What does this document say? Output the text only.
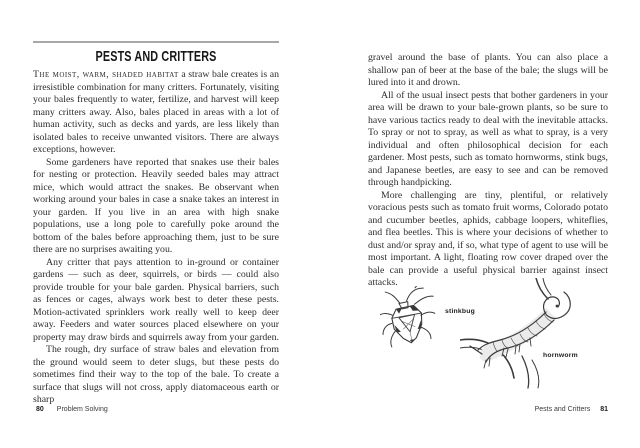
PESTS AND CRITTERS

The moist, warm, shaded habitat a straw bale creates is an irresistible combination for many critters. Fortunately, visiting your bales frequently to water, fertilize, and harvest will keep many critters away. Also, bales placed in areas with a lot of human activity, such as decks and yards, are less likely than isolated bales to receive unwanted visitors. There are always exceptions, however.

Some gardeners have reported that snakes use their bales for nesting or protection. Heavily seeded bales may attract mice, which would attract the snakes. Be observant when working around your bales in case a snake takes an interest in your garden. If you live in an area with high snake populations, use a long pole to carefully poke around the bottom of the bales before approaching them, just to be sure there are no surprises awaiting you.

Any critter that pays attention to in-ground or container gardens — such as deer, squirrels, or birds — could also provide trouble for your bale garden. Physical barriers, such as fences or cages, always work best to deter these pests. Motion-activated sprinklers work really well to keep deer away. Feeders and water sources placed elsewhere on your property may draw birds and squirrels away from your garden.

The rough, dry surface of straw bales and elevation from the ground would seem to deter slugs, but these pests do sometimes find their way to the top of the bale. To create a surface that slugs will not cross, apply diatomaceous earth or sharp

80 Problem Solving

gravel around the base of plants. You can also place a shallow pan of beer at the base of the bale; the slugs will be lured into it and drown.

All of the usual insect pests that bother gardeners in your area will be drawn to your bale-grown plants, so be sure to have various tactics ready to deal with the inevitable attacks. To spray or not to spray, as well as what to spray, is a very individual and often philosophical decision for each gardener. Most pests, such as tomato hornworms, stink bugs, and Japanese beetles, are easy to see and can be removed through handpicking.

More challenging are tiny, plentiful, or relatively voracious pests such as tomato fruit worms, Colorado potato and cucumber beetles, aphids, cabbage loopers, whiteflies, and flea beetles. This is where your decisions of whether to dust and/or spray and, if so, what type of agent to use will be most important. A light, floating row cover draped over the bale can provide a useful physical barrier against insect attacks.

stinkbug
hornworm
Pests and Critters 81
